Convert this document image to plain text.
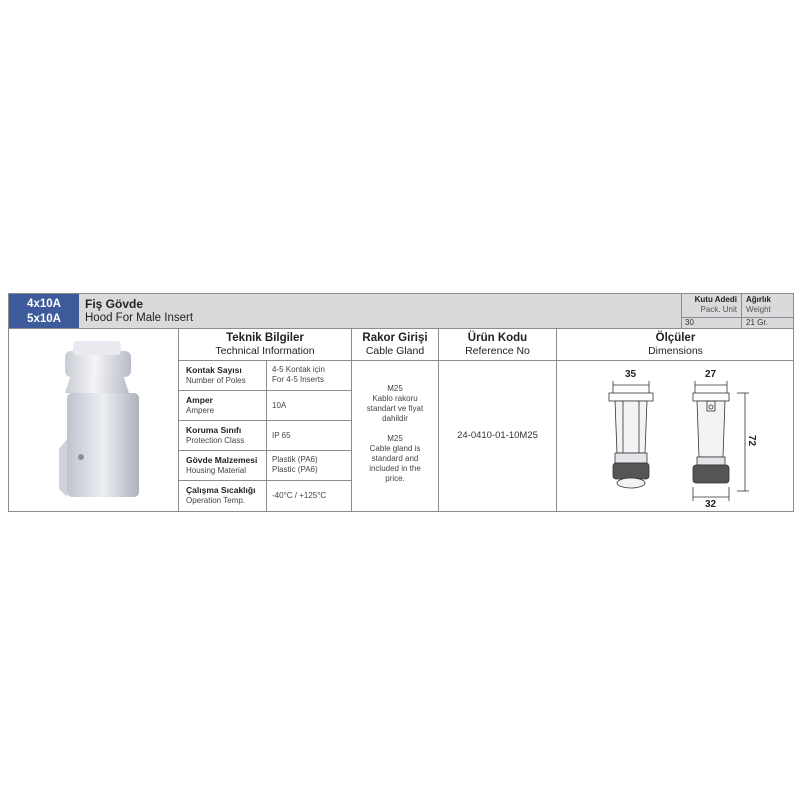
4x10A
5x10A
Fiş Gövde
Hood For Male Insert
Kutu Adedi
Pack. Unit
30
Ağırlık
Weight
21 Gr.
Teknik Bilgiler
Technical Information
Rakor Girişi
Cable Gland
Ürün Kodu
Reference No
Ölçüler
Dimensions
Kontak Sayısı
Number of Poles
4-5 Kontak için
For 4-5 Inserts
Amper
Ampere
10A
Koruma Sınıfı
Protection Class
IP 65
Gövde Malzemesi
Housing Material
Plastik (PA6)
Plastic (PA6)
Çalışma Sıcaklığı
Operation Temp.
-40°C / +125°C
M25
Kablo rakoru
standart ve fiyat
dahildir
M25
Cable gland is
standard and
included in the
price.
24-0410-01-10M25
35	27
72
32
